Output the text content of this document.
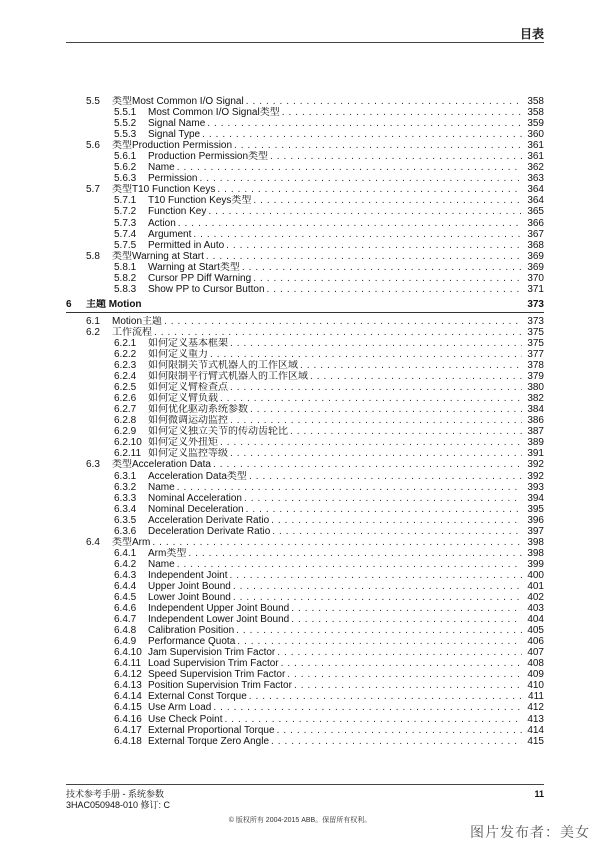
目表
5.5 类型Most Common I/O Signal . . .	358
5.5.1 Most Common I/O Signal类型 . . .	358
5.5.2 Signal Name . . .	359
5.5.3 Signal Type . . .	360
5.6 类型Production Permission . . .	361
5.6.1 Production Permission类型 . . .	361
5.6.2 Name . . .	362
5.6.3 Permission . . .	363
5.7 类型T10 Function Keys . . .	364
5.7.1 T10 Function Keys类型 . . .	364
5.7.2 Function Key . . .	365
5.7.3 Action . . .	366
5.7.4 Argument . . .	367
5.7.5 Permitted in Auto . . .	368
5.8 类型Warning at Start . . .	369
5.8.1 Warning at Start类型 . . .	369
5.8.2 Cursor PP Diff Warning . . .	370
5.8.3 Show PP to Cursor Button . . .	371
6 主题 Motion	373
6.1 Motion主题 . . .	373
6.2 工作流程 . . .	375
6.2.1 如何定义基本框架 . . .	375
6.2.2 如何定义重力 . . .	377
6.2.3 如何限制关节式机器人的工作区域 . . .	378
6.2.4 如何限制平行臂式机器人的工作区域 . . .	379
6.2.5 如何定义臂检查点 . . .	380
6.2.6 如何定义臂负载 . . .	382
6.2.7 如何优化驱动系统参数 . . .	384
6.2.8 如何微调运动监控 . . .	386
6.2.9 如何定义独立关节的传动齿轮比 . . .	387
6.2.10 如何定义外扭矩 . . .	389
6.2.11 如何定义监控等级 . . .	391
6.3 类型Acceleration Data . . .	392
6.3.1 Acceleration Data类型 . . .	392
6.3.2 Name . . .	393
6.3.3 Nominal Acceleration . . .	394
6.3.4 Nominal Deceleration . . .	395
6.3.5 Acceleration Derivate Ratio . . .	396
6.3.6 Deceleration Derivate Ratio . . .	397
6.4 类型Arm . . .	398
6.4.1 Arm类型 . . .	398
6.4.2 Name . . .	399
6.4.3 Independent Joint . . .	400
6.4.4 Upper Joint Bound . . .	401
6.4.5 Lower Joint Bound . . .	402
6.4.6 Independent Upper Joint Bound . . .	403
6.4.7 Independent Lower Joint Bound . . .	404
6.4.8 Calibration Position . . .	405
6.4.9 Performance Quota . . .	406
6.4.10 Jam Supervision Trim Factor . . .	407
6.4.11 Load Supervision Trim Factor . . .	408
6.4.12 Speed Supervision Trim Factor . . .	409
6.4.13 Position Supervision Trim Factor . . .	410
6.4.14 External Const Torque . . .	411
6.4.15 Use Arm Load . . .	412
6.4.16 Use Check Point . . .	413
6.4.17 External Proportional Torque . . .	414
6.4.18 External Torque Zero Angle . . .	415
技术参考手册 - 系统参数
3HAC050948-010 修订: C
11
© 版权所有 2004-2015 ABB。保留所有权利。
图片发布者：美女
